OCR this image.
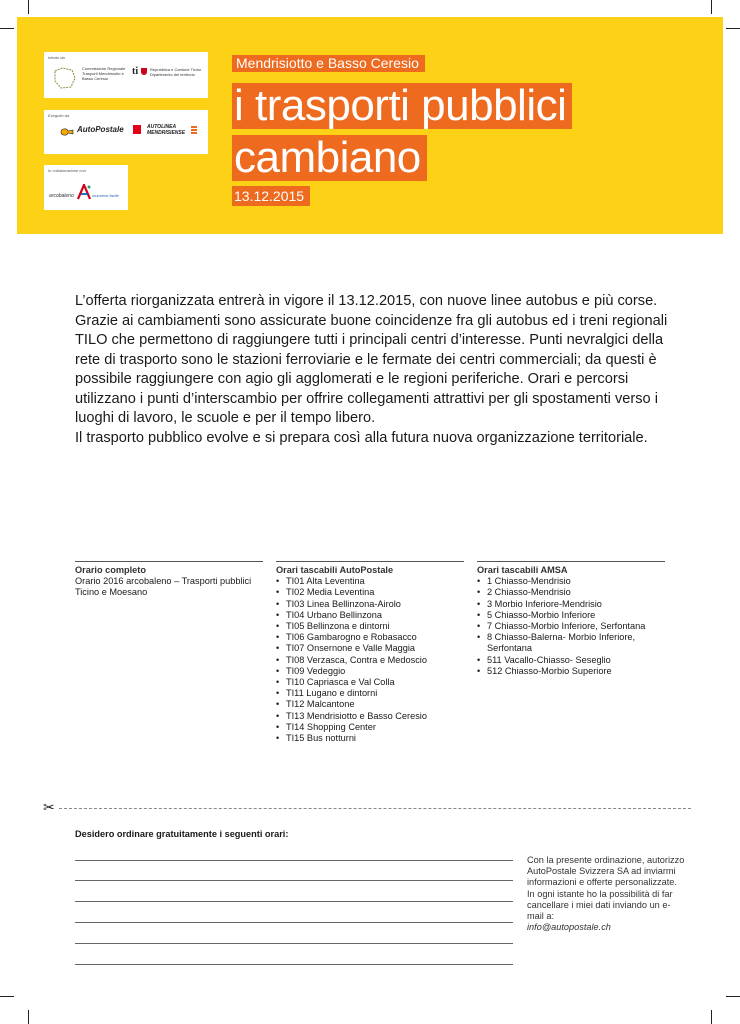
Ideato da
Commissione Regionale Trasporti Mendrisiotto e Basso Ceresio
ti	Repubblica e Cantone Ticino Dipartimento del territorio
Eseguito da
AutoPostale	AUTOLINEA MENDRISIENSE
In collaborazione con
arcobaleno	muoversi facile
Mendrisiotto e Basso Ceresio
i trasporti pubblici
cambiano
13.12.2015

L’offerta riorganizzata entrerà in vigore il 13.12.2015, con nuove linee autobus e più corse.

Grazie ai cambiamenti sono assicurate buone coincidenze fra gli autobus ed i treni regionali TILO che permettono di raggiungere tutti i principali centri d’interesse. Punti nevralgici della rete di trasporto sono le stazioni ferroviarie e le fermate dei centri commerciali; da questi è possibile raggiungere con agio gli agglomerati e le regioni periferiche. Orari e percorsi utilizzano i punti d’interscambio per offrire collegamenti attrattivi per gli spostamenti verso i luoghi di lavoro, le scuole e per il tempo libero.

Il trasporto pubblico evolve e si prepara così alla futura nuova organizzazione territoriale.

Orario completo
Orario 2016 arcobaleno – Trasporti pubblici Ticino e Moesano
Orari tascabili AutoPostale
• TI01 Alta Leventina
• TI02 Media Leventina
• TI03 Linea Bellinzona-Airolo
• TI04 Urbano Bellinzona
• TI05 Bellinzona e dintorni
• TI06 Gambarogno e Robasacco
• TI07 Onsernone e Valle Maggia
• TI08 Verzasca, Contra e Medoscio
• TI09 Vedeggio
• TI10 Capriasca e Val Colla
• TI11 Lugano e dintorni
• TI12 Malcantone
• TI13 Mendrisiotto e Basso Ceresio
• TI14 Shopping Center
• TI15 Bus notturni
Orari tascabili AMSA
• 1 Chiasso-Mendrisio
• 2 Chiasso-Mendrisio
• 3 Morbio Inferiore-Mendrisio
• 5 Chiasso-Morbio Inferiore
• 7 Chiasso-Morbio Inferiore, Serfontana
• 8 Chiasso-Balerna- Morbio Inferiore, Serfontana
• 511 Vacallo-Chiasso- Seseglio
• 512 Chiasso-Morbio Superiore
✂
Desidero ordinare gratuitamente i seguenti orari:

Con la presente ordinazione, autorizzo AutoPostale Svizzera SA ad inviarmi informazioni e offerte personalizzate.

In ogni istante ho la possibilità di far cancellare i miei dati inviando un e-mail a:

info@autopostale.ch
